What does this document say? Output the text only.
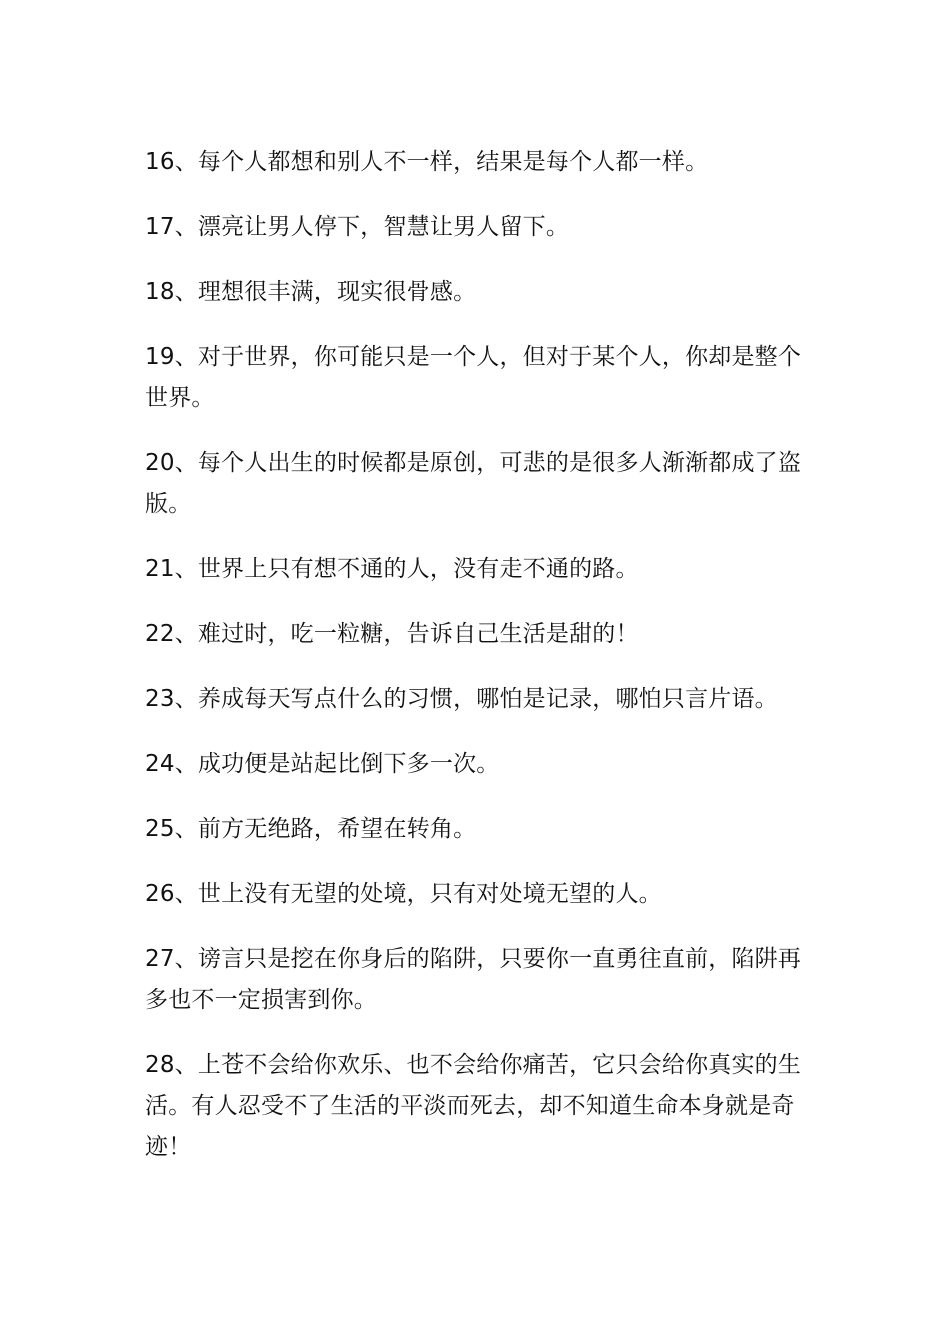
16、每个人都想和别人不一样，结果是每个人都一样。

17、漂亮让男人停下，智慧让男人留下。

18、理想很丰满，现实很骨感。

19、对于世界，你可能只是一个人，但对于某个人，你却是整个世界。

20、每个人出生的时候都是原创，可悲的是很多人渐渐都成了盗版。

21、世界上只有想不通的人，没有走不通的路。

22、难过时，吃一粒糖，告诉自己生活是甜的！

23、养成每天写点什么的习惯，哪怕是记录，哪怕只言片语。

24、成功便是站起比倒下多一次。

25、前方无绝路，希望在转角。

26、世上没有无望的处境，只有对处境无望的人。

27、谤言只是挖在你身后的陷阱，只要你一直勇往直前，陷阱再多也不一定损害到你。

28、上苍不会给你欢乐、也不会给你痛苦，它只会给你真实的生活。有人忍受不了生活的平淡而死去，却不知道生命本身就是奇迹！
